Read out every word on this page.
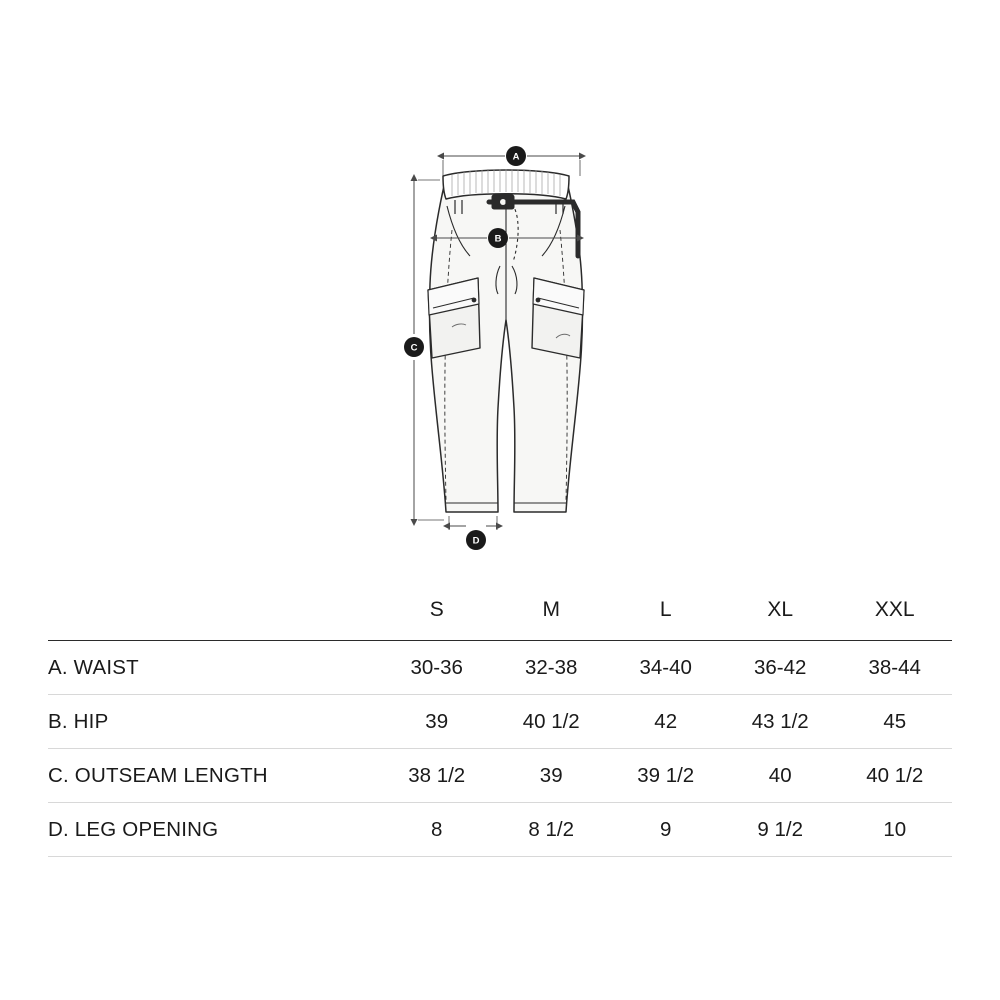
A
B
C
D
	S	M	L	XL	XXL

A. WAIST	30-36	32-38	34-40	36-42	38-44
B. HIP	39	40 1/2	42	43 1/2	45
C. OUTSEAM LENGTH	38 1/2	39	39 1/2	40	40 1/2
D. LEG OPENING	8	8 1/2	9	9 1/2	10
